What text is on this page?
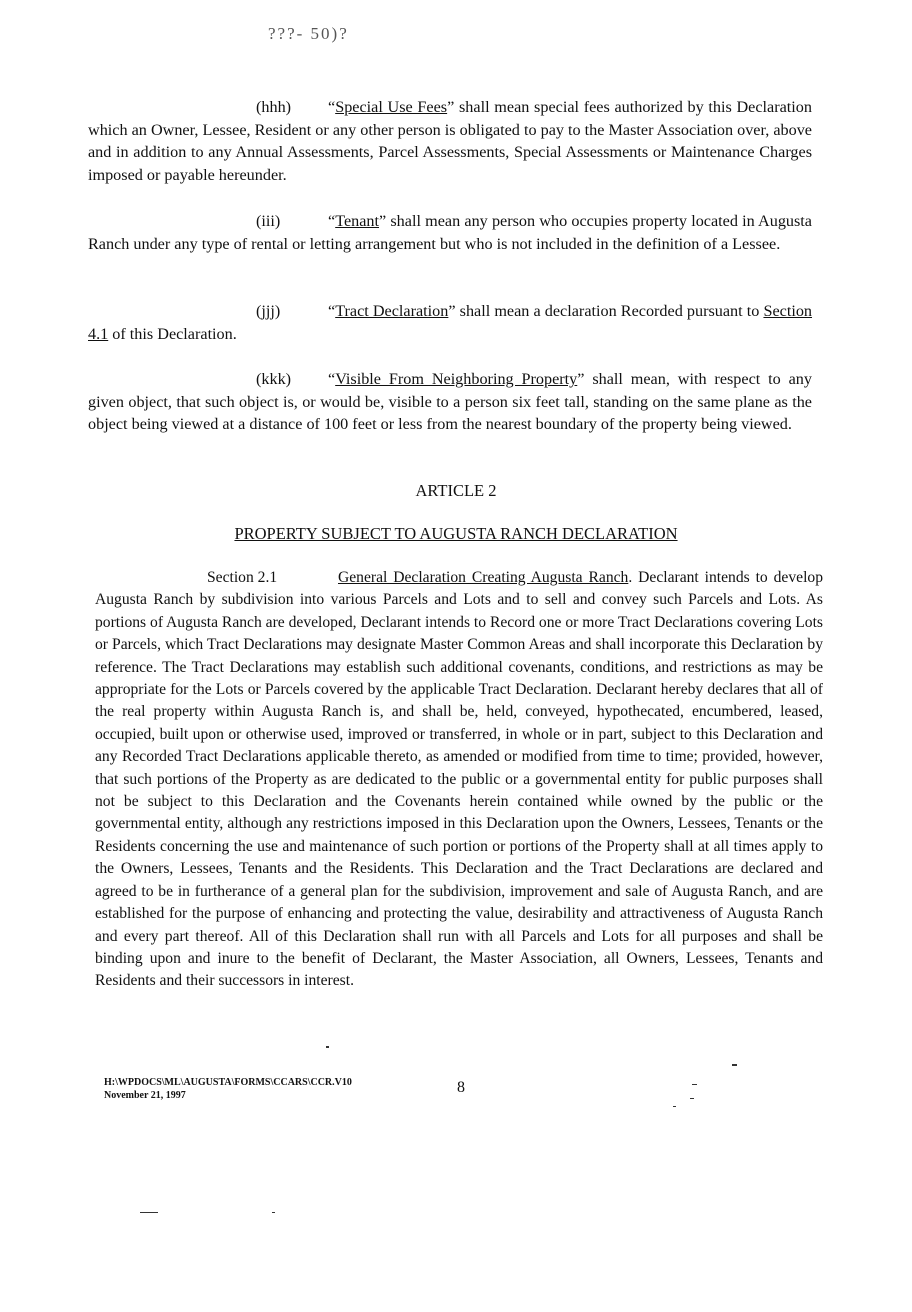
???- 50)?

(hhh) “Special Use Fees” shall mean special fees authorized by this Declaration which an Owner, Lessee, Resident or any other person is obligated to pay to the Master Association over, above and in addition to any Annual Assessments, Parcel Assessments, Special Assessments or Maintenance Charges imposed or payable hereunder.

(iii)	“Tenant” shall mean any person who occupies property located in Augusta Ranch under any type of rental or letting arrangement but who is not included in the definition of a Lessee.

(jjj)	“Tract Declaration” shall mean a declaration Recorded pursuant to Section 4.1 of this Declaration.

(kkk) “Visible From Neighboring Property” shall mean, with respect to any given object, that such object is, or would be, visible to a person six feet tall, standing on the same plane as the object being viewed at a distance of 100 feet or less from the nearest boundary of the property being viewed.

ARTICLE 2

PROPERTY SUBJECT TO AUGUSTA RANCH DECLARATION

Section 2.1	General Declaration Creating Augusta Ranch. Declarant intends to develop Augusta Ranch by subdivision into various Parcels and Lots and to sell and convey such Parcels and Lots. As portions of Augusta Ranch are developed, Declarant intends to Record one or more Tract Declarations covering Lots or Parcels, which Tract Declarations may designate Master Common Areas and shall incorporate this Declaration by reference. The Tract Declarations may establish such additional covenants, conditions, and restrictions as may be appropriate for the Lots or Parcels covered by the applicable Tract Declaration. Declarant hereby declares that all of the real property within Augusta Ranch is, and shall be, held, conveyed, hypothecated, encumbered, leased, occupied, built upon or otherwise used, improved or transferred, in whole or in part, subject to this Declaration and any Recorded Tract Declarations applicable thereto, as amended or modified from time to time; provided, however, that such portions of the Property as are dedicated to the public or a governmental entity for public purposes shall not be subject to this Declaration and the Covenants herein contained while owned by the public or the governmental entity, although any restrictions imposed in this Declaration upon the Owners, Lessees, Tenants or the Residents concerning the use and maintenance of such portion or portions of the Property shall at all times apply to the Owners, Lessees, Tenants and the Residents. This Declaration and the Tract Declarations are declared and agreed to be in furtherance of a general plan for the subdivision, improvement and sale of Augusta Ranch, and are established for the purpose of enhancing and protecting the value, desirability and attractiveness of Augusta Ranch and every part thereof. All of this Declaration shall run with all Parcels and Lots for all purposes and shall be binding upon and inure to the benefit of Declarant, the Master Association, all Owners, Lessees, Tenants and Residents and their successors in interest.

H:\WPDOCS\ML\AUGUSTA\FORMS\CCARS\CCR.V10
November 21, 1997	8
